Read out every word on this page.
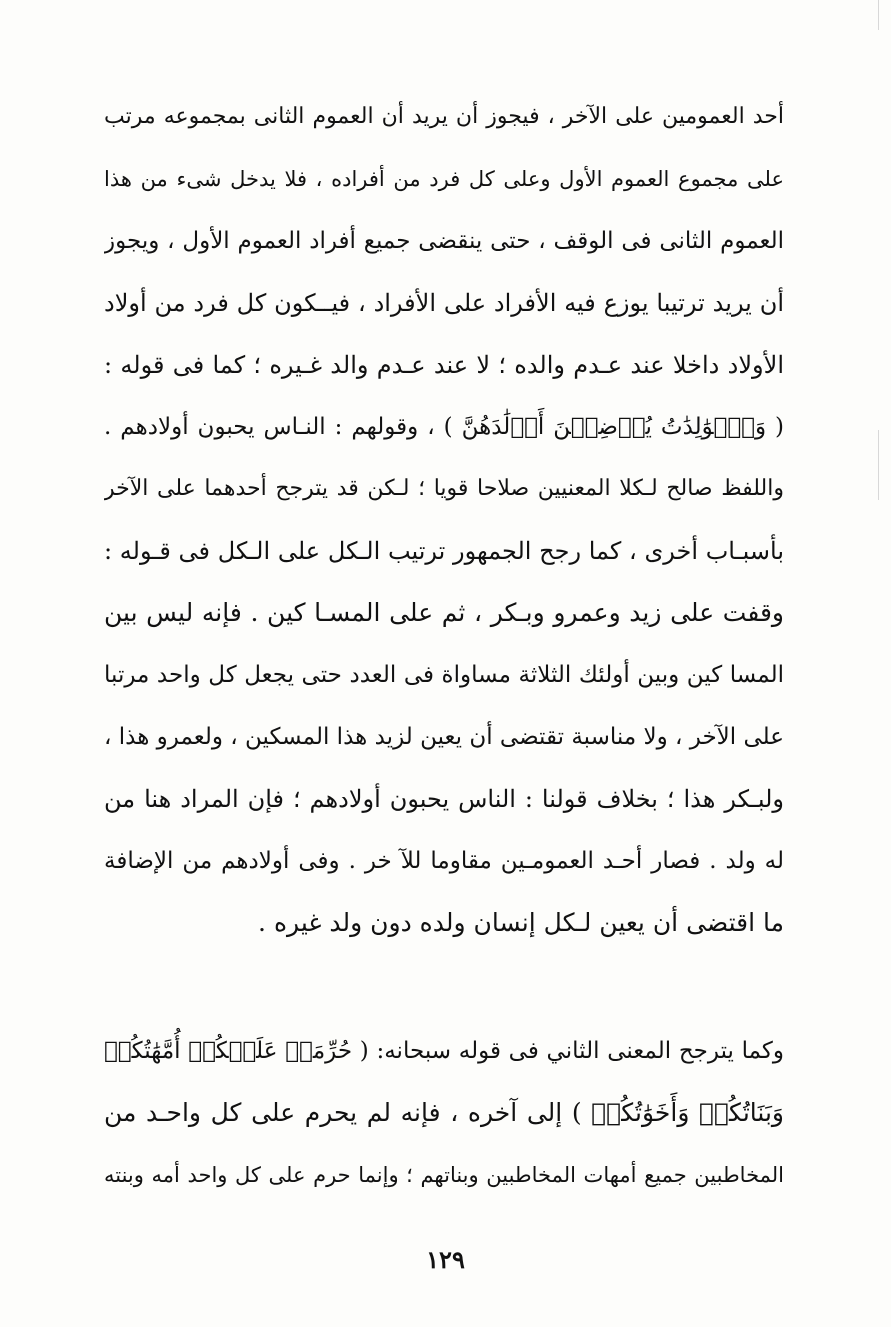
أحد العمومين على الآخر ، فيجوز أن يريد أن العموم الثانى بمجموعه مرتب
على مجموع العموم الأول وعلى كل فرد من أفراده ، فلا يدخل شىء من هذا
العموم الثانى فى الوقف ، حتى ينقضى جميع أفراد العموم الأول ، ويجوز
أن يريد ترتيبا يوزع فيه الأفراد على الأفراد ، فيــكون كل فرد من أولاد
الأولاد داخلا عند عـدم والده ؛ لا عند عـدم والد غـيره ؛ كما فى قوله :
( وَٱلۡوَٰلِدَٰتُ يُرۡضِعۡنَ أَوۡلَٰدَهُنَّ ) ، وقولهم : النـاس يحبون أولادهم .
واللفظ صالح لـكلا المعنيين صلاحا قويا ؛ لـكن قد يترجح أحدهما على الآخر
بأسبـاب أخرى ، كما رجح الجمهور ترتيب الـكل على الـكل فى قـوله :
وقفت على زيد وعمرو وبـكر ، ثم على المسـا كين . فإنه ليس بين
المسا كين وبين أولئك الثلاثة مساواة فى العدد حتى يجعل كل واحد مرتبا
على الآخر ، ولا مناسبة تقتضى أن يعين لزيد هذا المسكين ، ولعمرو هذا ،
ولبـكر هذا ؛ بخلاف قولنا : الناس يحبون أولادهم ؛ فإن المراد هنا من
له ولد . فصار أحـد العمومـين مقاوما للآ خر . وفى أولادهم من الإضافة
ما اقتضى أن يعين لـكل إنسان ولده دون ولد غيره .
وكما يترجح المعنى الثاني فى قوله سبحانه: ( حُرِّمَتۡ عَلَيۡكُمۡ أُمَّهَٰتُكُمۡ
وَبَنَاتُكُمۡ وَأَخَوَٰتُكُمۡ ) إلى آخره ، فإنه لم يحرم على كل واحـد من
المخاطبين جميع أمهات المخاطبين وبناتهم ؛ وإنما حرم على كل واحد أمه وبنته
١٢٩
